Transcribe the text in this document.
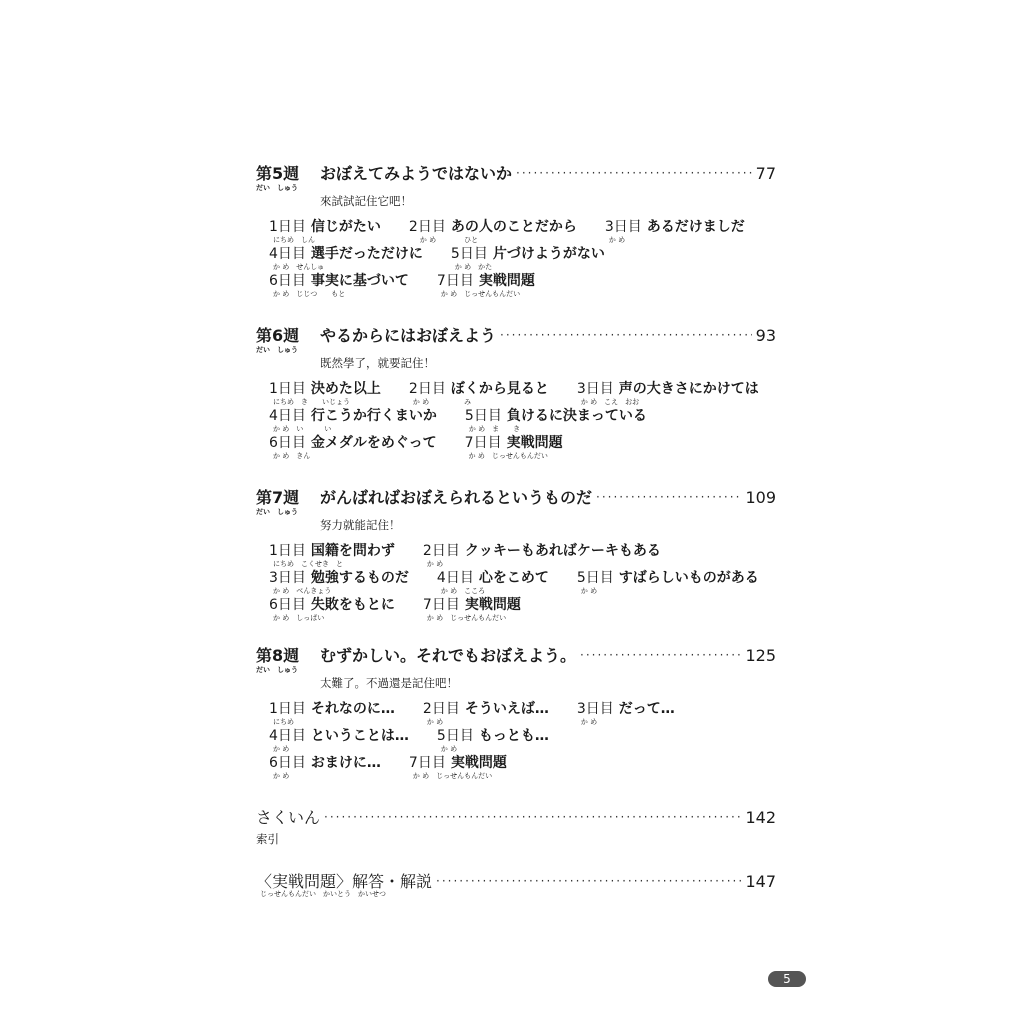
第5週
だい　しゅう
おぼえてみようではないか ·····	77
來試試記住它吧！
1日目 信じがたい
にちめ　しん
2日目 あの人のことだから
　か め　　　　ひと
3日目 あるだけましだ
か め
4日目 選手だっただけに
か め　せんしゅ
5日目 片づけようがない
か め　かた
6日目 事実に基づいて
か め　じじつ　　もと
7日目 実戦問題
か め　じっせんもんだい
第6週
だい　しゅう
やるからにはおぼえよう ·····	93
既然學了，就要記住！
1日目 決めた以上
にちめ　き　　いじょう
2日目 ぼくから見ると
か め　　　　　み
3日目 声の大きさにかけては
か め　こえ　おお
4日目 行こうか行くまいか
か め　い　　　い
5日目 負けるに決まっている
か め　ま　　き
6日目 金メダルをめぐって
か め　きん
7日目 実戦問題
か め　じっせんもんだい
第7週
だい　しゅう
がんばればおぼえられるというものだ ·····	109
努力就能記住！
1日目 国籍を問わず
にちめ　こくせき　と
2日目 クッキーもあればケーキもある
か め
3日目 勉強するものだ
か め　べんきょう
4日目 心をこめて
か め　こころ
5日目 すばらしいものがある
か め
6日目 失敗をもとに
か め　しっぱい
7日目 実戦問題
か め　じっせんもんだい
第8週
だい　しゅう
むずかしい。それでもおぼえよう。 ·····	125
太難了。不過還是記住吧！
1日目 それなのに…
にちめ
2日目 そういえば…
か め
3日目 だって…
か め
4日目 ということは…
か め
5日目 もっとも…
か め
6日目 おまけに…
か め
7日目 実戦問題
か め　じっせんもんだい
さくいん ·····	142
索引
〈実戦問題〉解答・解説 ·····	147
じっせんもんだい　かいとう　かいせつ
5
